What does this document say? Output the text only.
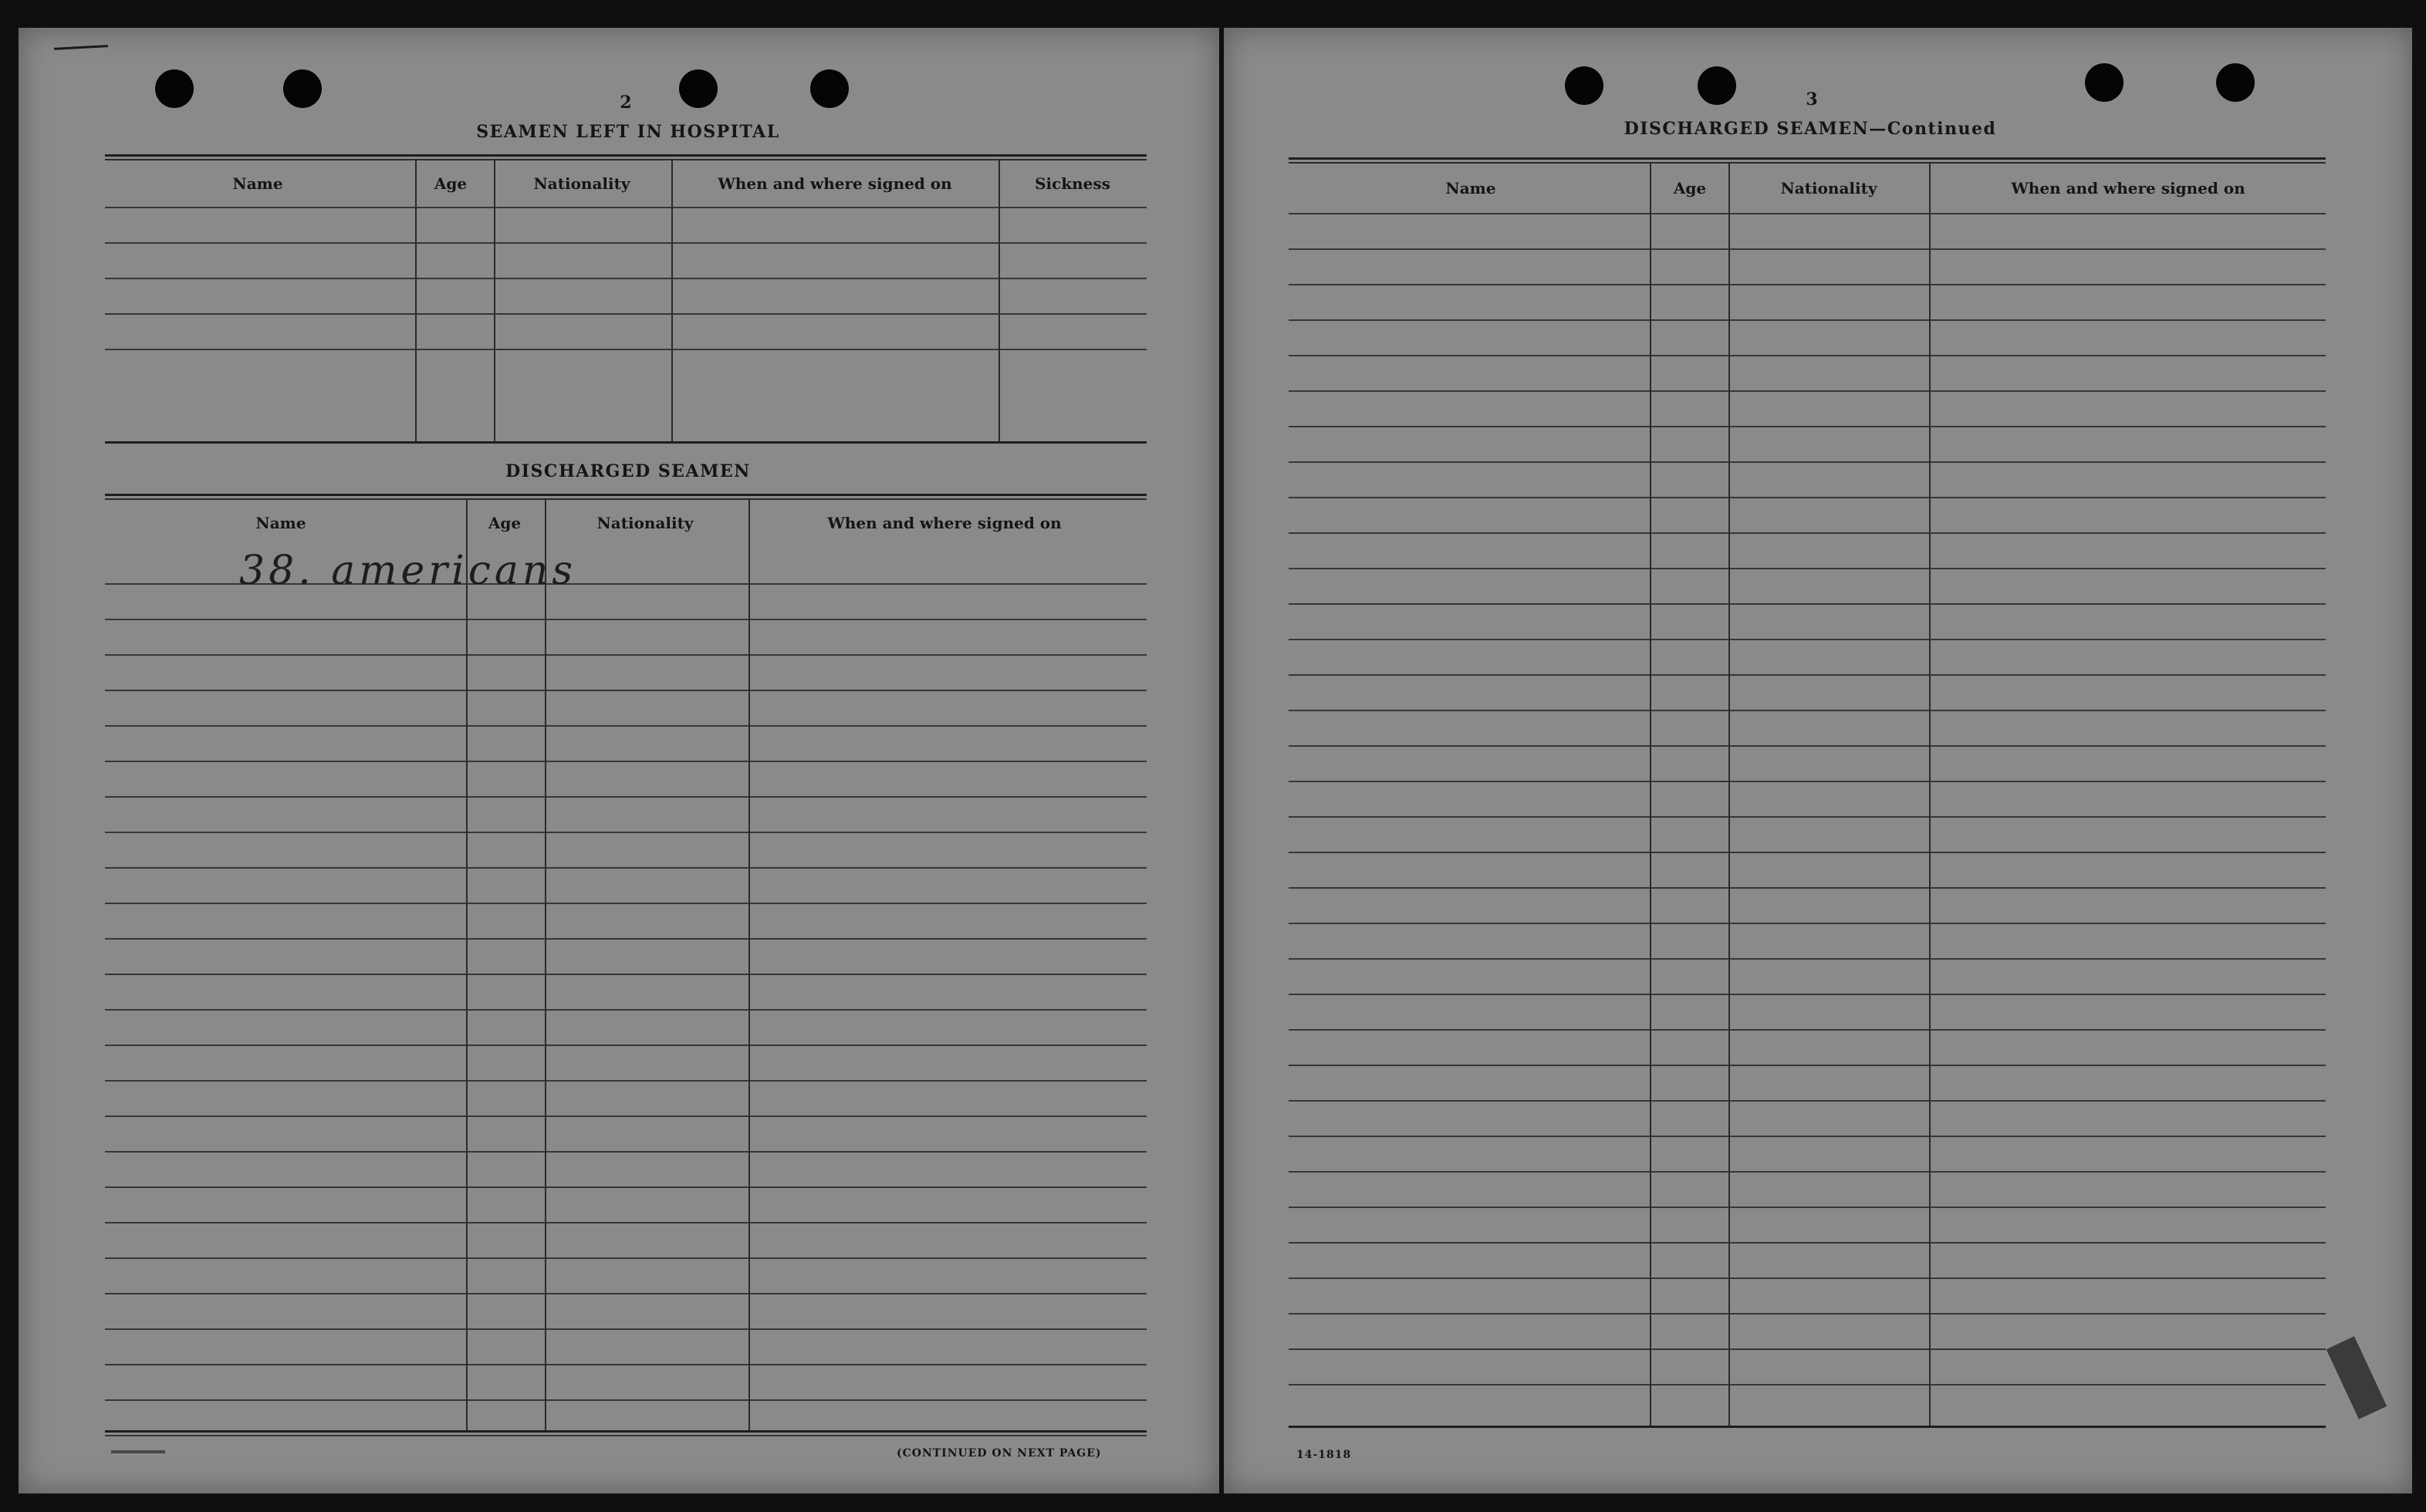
2
SEAMEN LEFT IN HOSPITAL
Name	Age	Nationality	When and where signed on	Sickness
DISCHARGED SEAMEN
Name	Age	Nationality	When and where signed on
38. americans
(CONTINUED ON NEXT PAGE)
3
DISCHARGED SEAMEN—Continued
Name	Age	Nationality	When and where signed on
14-1818
